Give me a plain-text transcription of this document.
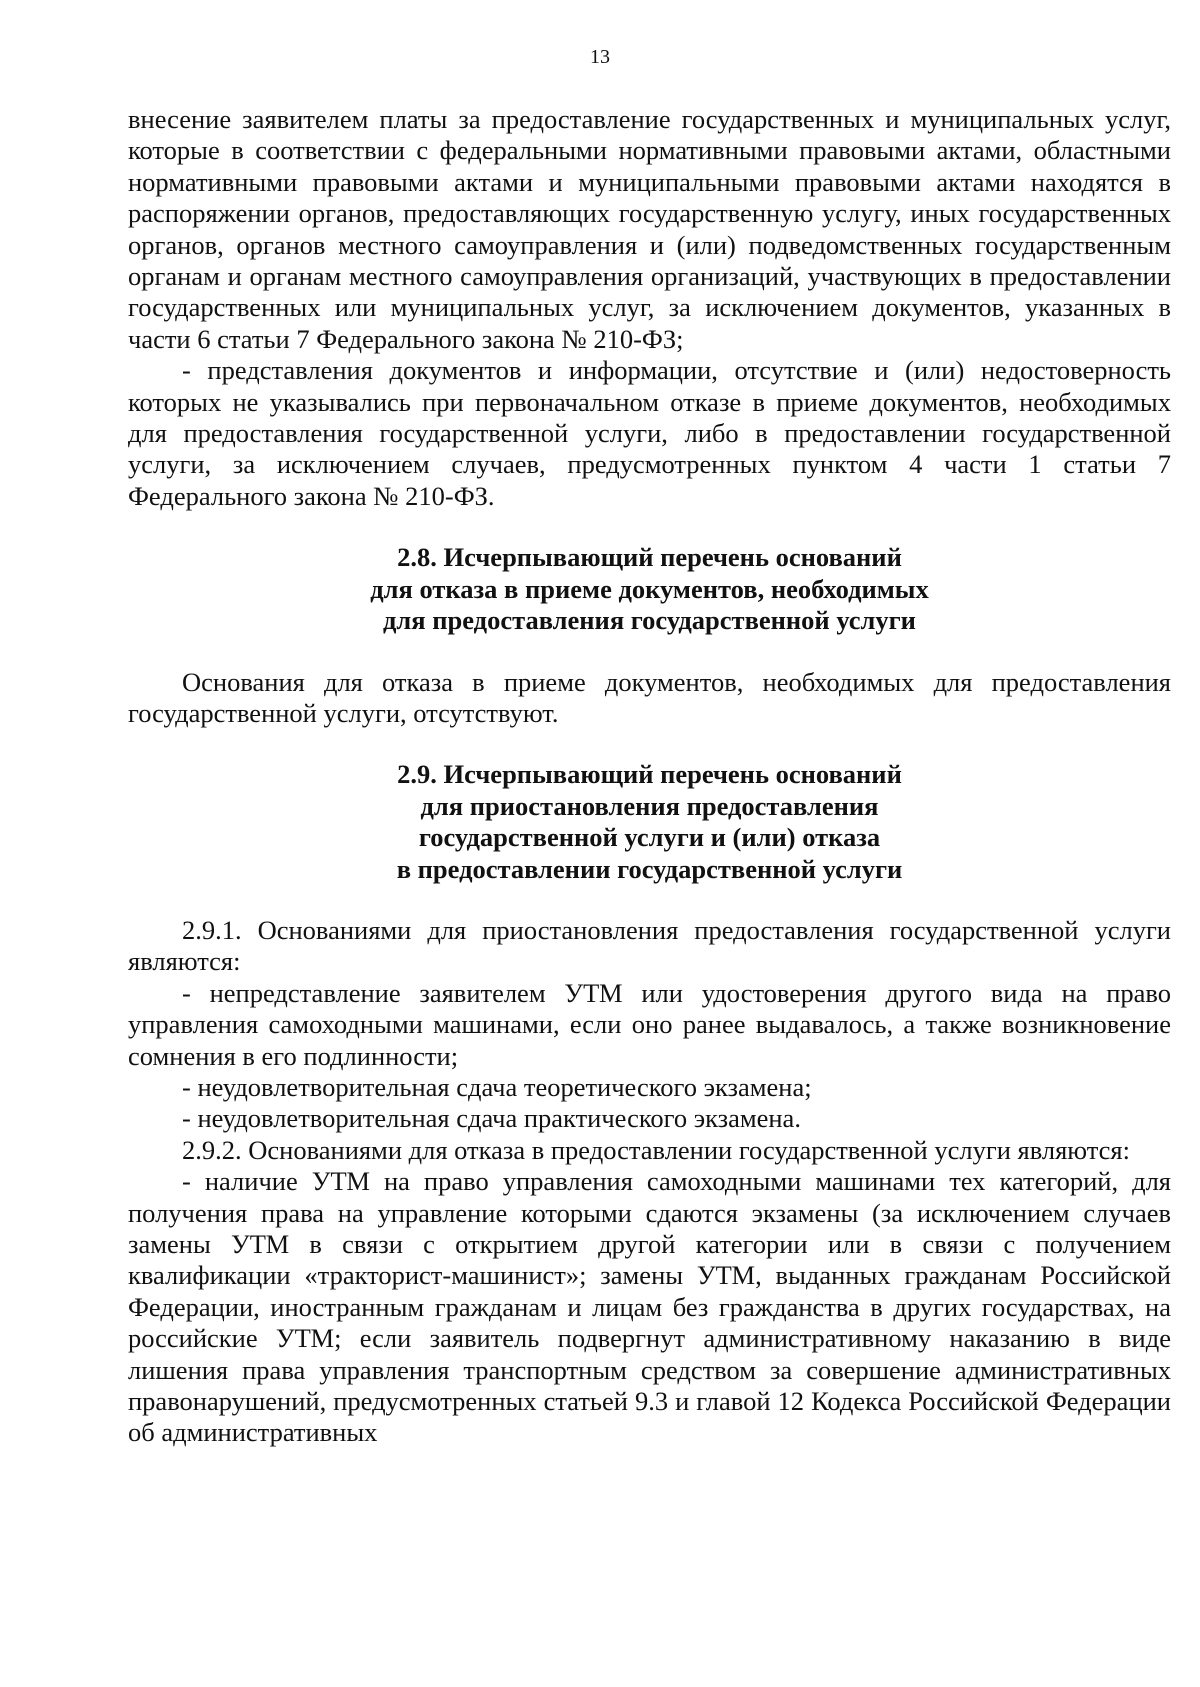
13

внесение заявителем платы за предоставление государственных и муниципальных услуг, которые в соответствии с федеральными нормативными правовыми актами, областными нормативными правовыми актами и муниципальными правовыми актами находятся в распоряжении органов, предоставляющих государственную услугу, иных государственных органов, органов местного самоуправления и (или) подведомственных государственным органам и органам местного самоуправления организаций, участвующих в предоставлении государственных или муниципальных услуг, за исключением документов, указанных в части 6 статьи 7 Федерального закона № 210-ФЗ;

- представления документов и информации, отсутствие и (или) недостоверность которых не указывались при первоначальном отказе в приеме документов, необходимых для предоставления государственной услуги, либо в предоставлении государственной услуги, за исключением случаев, предусмотренных пунктом 4 части 1 статьи 7 Федерального закона № 210-ФЗ.

2.8. Исчерпывающий перечень оснований
для отказа в приеме документов, необходимых
для предоставления государственной услуги

Основания для отказа в приеме документов, необходимых для предоставления государственной услуги, отсутствуют.

2.9. Исчерпывающий перечень оснований
для приостановления предоставления
государственной услуги и (или) отказа
в предоставлении государственной услуги

2.9.1. Основаниями для приостановления предоставления государственной услуги являются:

- непредставление заявителем УТМ или удостоверения другого вида на право управления самоходными машинами, если оно ранее выдавалось, а также возникновение сомнения в его подлинности;

- неудовлетворительная сдача теоретического экзамена;

- неудовлетворительная сдача практического экзамена.

2.9.2. Основаниями для отказа в предоставлении государственной услуги являются:

- наличие УТМ на право управления самоходными машинами тех категорий, для получения права на управление которыми сдаются экзамены (за исключением случаев замены УТМ в связи с открытием другой категории или в связи с получением квалификации «тракторист-машинист»; замены УТМ, выданных гражданам Российской Федерации, иностранным гражданам и лицам без гражданства в других государствах, на российские УТМ; если заявитель подвергнут административному наказанию в виде лишения права управления транспортным средством за совершение административных правонарушений, предусмотренных статьей 9.3 и главой 12 Кодекса Российской Федерации об административных
